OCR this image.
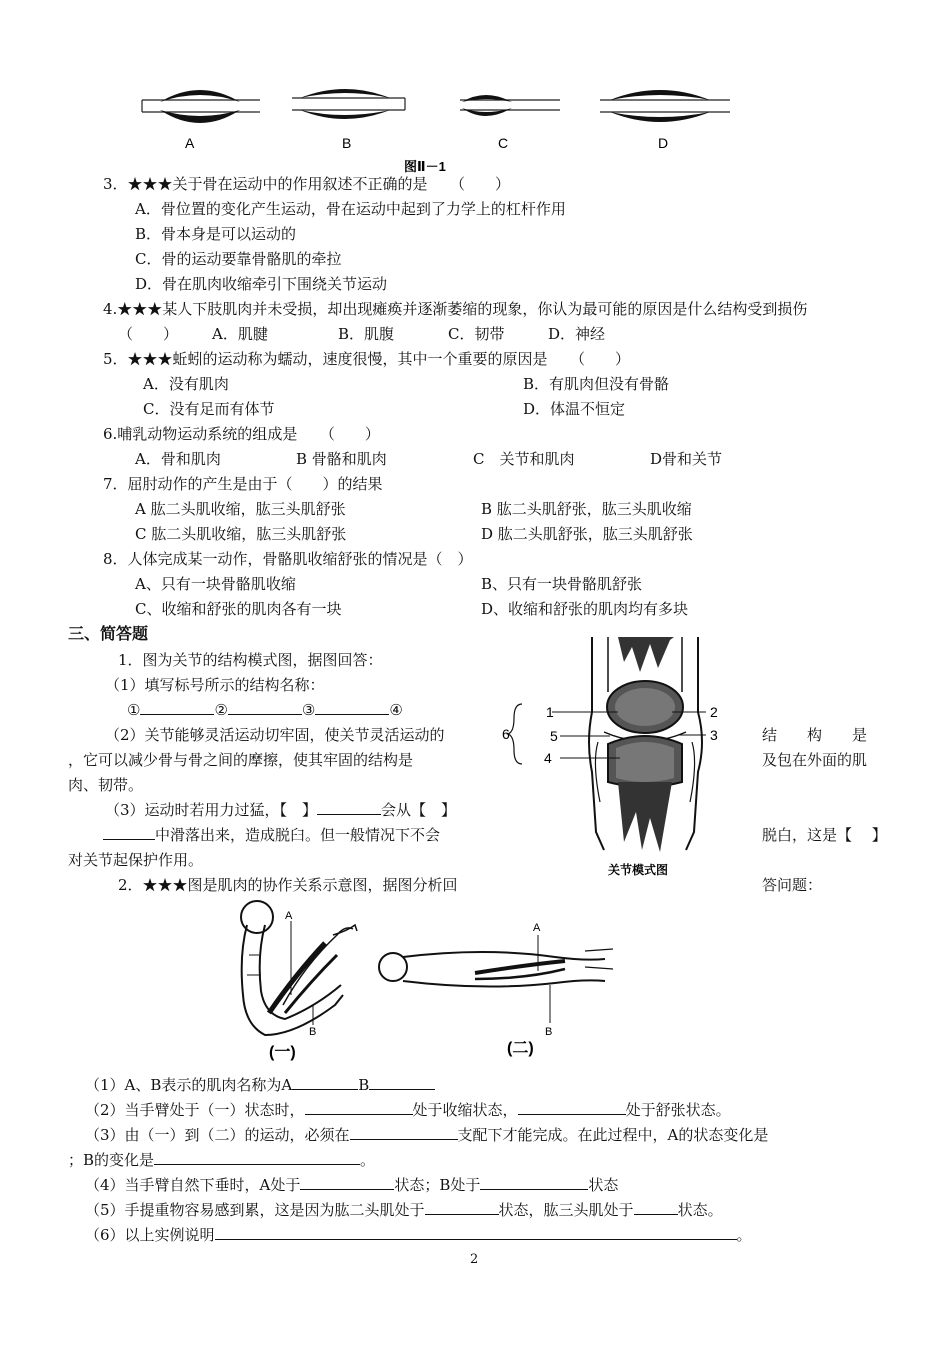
A	B	C	D
图Ⅱ－1
3．★★★关于骨在运动中的作用叙述不正确的是　　（　　）
A．骨位置的变化产生运动，骨在运动中起到了力学上的杠杆作用
B．骨本身是可以运动的
C．骨的运动要靠骨骼肌的牵拉
D．骨在肌肉收缩牵引下围绕关节运动
4.★★★某人下肢肌肉并未受损，却出现瘫痪并逐渐萎缩的现象，你认为最可能的原因是什么结构受到损伤
（　　） A．肌腱	B．肌腹	C．韧带	D．神经
5．★★★蚯蚓的运动称为蠕动，速度很慢，其中一个重要的原因是　　（　　）
A．没有肌肉	B．有肌肉但没有骨骼
C．没有足而有体节	D．体温不恒定
6.哺乳动物运动系统的组成是　　（　　）
A．骨和肌肉	B 骨骼和肌肉	C　关节和肌肉	D骨和关节
7．屈肘动作的产生是由于（　　）的结果
A 肱二头肌收缩，肱三头肌舒张	B 肱二头肌舒张，肱三头肌收缩
C 肱二头肌收缩，肱三头肌舒张	D 肱二头肌舒张，肱三头肌舒张
8．人体完成某一动作，骨骼肌收缩舒张的情况是（　）
A、只有一块骨骼肌收缩	B、只有一块骨骼肌舒张
C、收缩和舒张的肌肉各有一块	D、收缩和舒张的肌肉均有多块
三、简答题
1．图为关节的结构模式图，据图回答：
（1）填写标号所示的结构名称：
①	②	③	④
（2）关节能够灵活运动切牢固，使关节灵活运动的	结　　构　　是
，它可以减少骨与骨之间的摩擦，使其牢固的结构是	及包在外面的肌
肉、韧带。
（3）运动时若用力过猛，【　】	会从【　】
中滑落出来，造成脱臼。但一般情况下不会	脱白，这是【　 】
对关节起保护作用。
1	2
3
4
5
6
关节模式图
2．★★★图是肌肉的协作关系示意图，据图分析回	答问题：
A
B
A
B
(一)	(二)
（1）A、B表示的肌肉名称为A	B
（2）当手臂处于（一）状态时，	处于收缩状态，	处于舒张状态。
（3）由（一）到（二）的运动，必须在	支配下才能完成。在此过程中，A的状态变化是
；B的变化是	。
（4）当手臂自然下垂时，A处于	状态；B处于	状态
（5）手提重物容易感到累，这是因为肱二头肌处于	状态，肱三头肌处于	状态。
（6）以上实例说明	。
2
